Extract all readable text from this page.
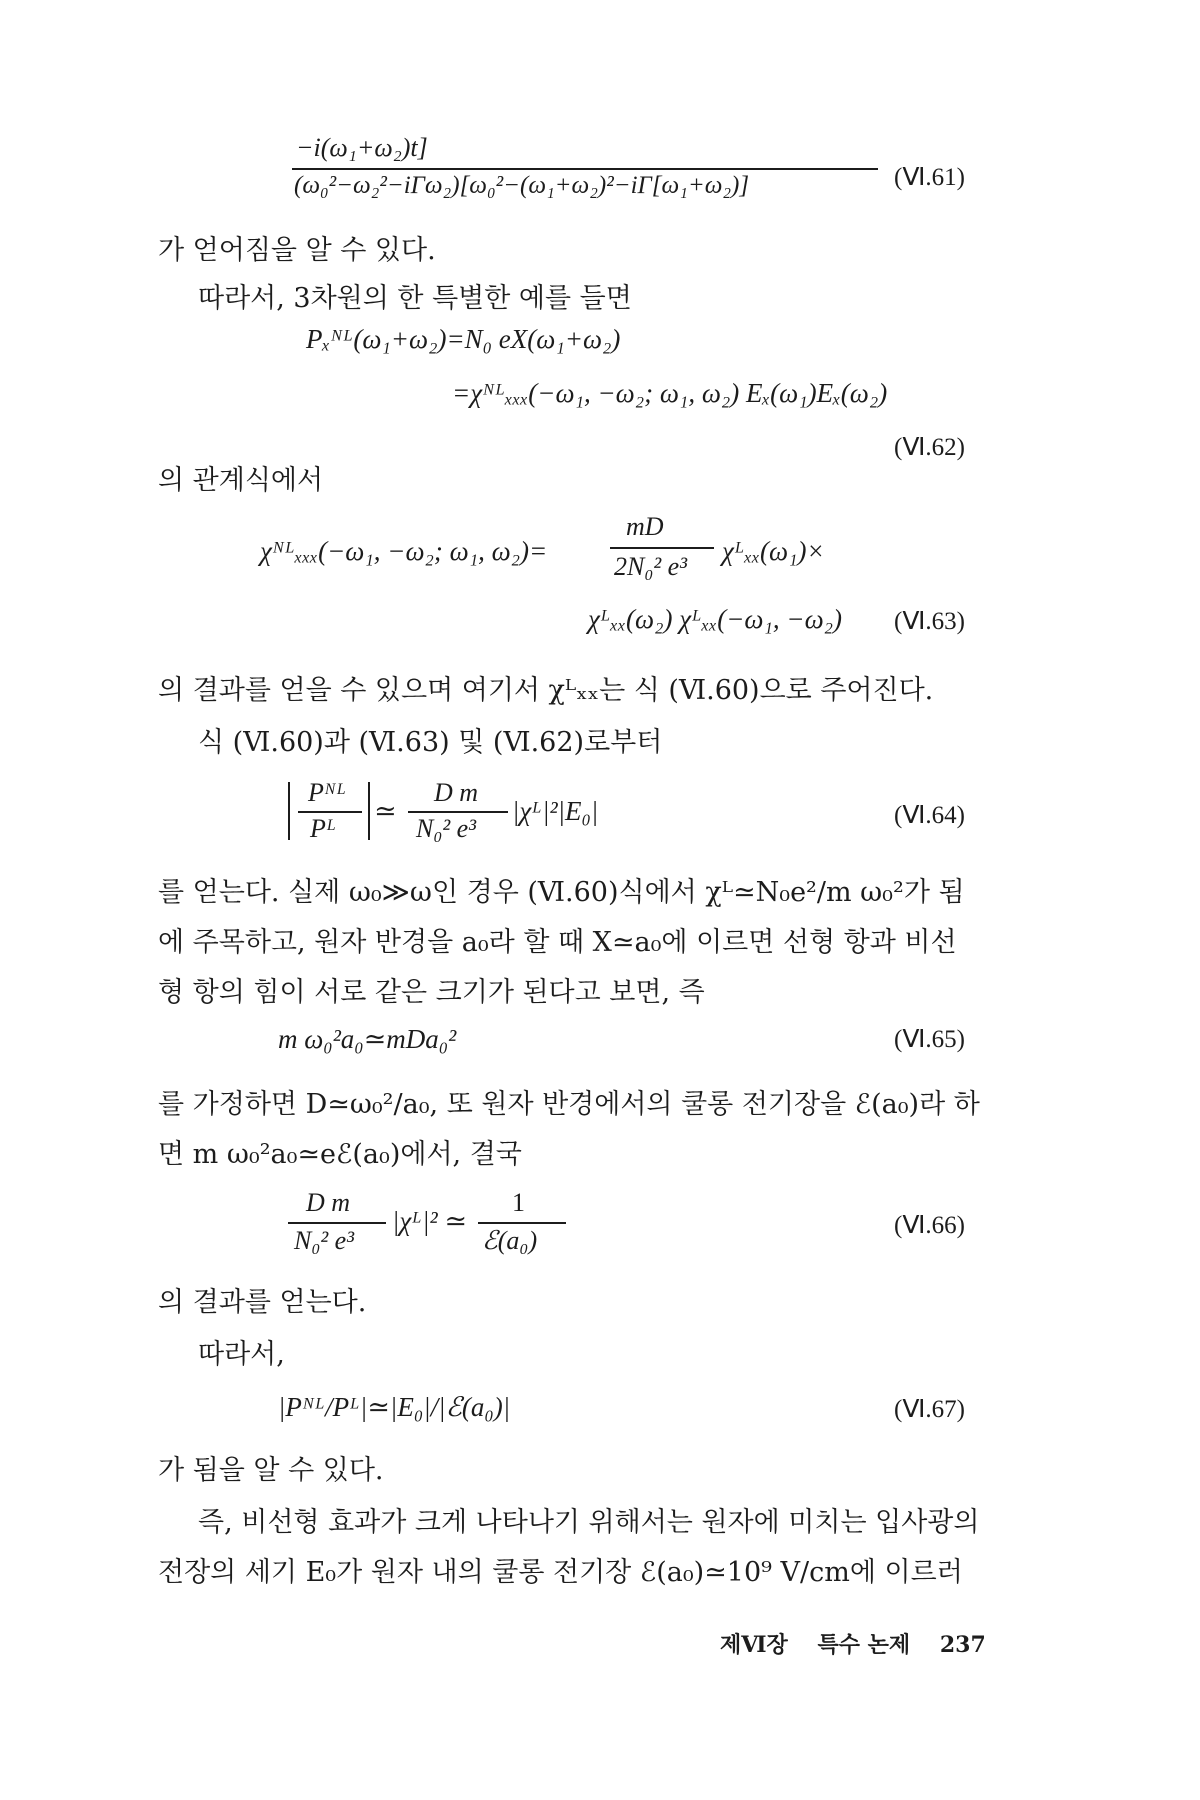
−i(ω₁+ω₂)t]
(ω₀²−ω₂²−iΓω₂)[ω₀²−(ω₁+ω₂)²−iΓ[ω₁+ω₂)]	(Ⅵ.61)
가 얻어짐을 알 수 있다.
따라서, 3차원의 한 특별한 예를 들면
Pₓᴺᴸ(ω₁+ω₂)=N₀ eX(ω₁+ω₂)
=χᴺᴸₓₓₓ(−ω₁, −ω₂; ω₁, ω₂) Eₓ(ω₁)Eₓ(ω₂)
(Ⅵ.62)
의 관계식에서
χᴺᴸₓₓₓ(−ω₁, −ω₂; ω₁, ω₂)=
mD
2N₀² e³
χᴸₓₓ(ω₁)×
χᴸₓₓ(ω₂) χᴸₓₓ(−ω₁, −ω₂) (Ⅵ.63)
의 결과를 얻을 수 있으며 여기서 χᴸₓₓ는 식 (Ⅵ.60)으로 주어진다.
식 (Ⅵ.60)과 (Ⅵ.63) 및 (Ⅵ.62)로부터
Pᴺᴸ
Pᴸ
≃
D m
N₀² e³
|χᴸ|²|E₀|	(Ⅵ.64)
를 얻는다. 실제 ω₀≫ω인 경우 (Ⅵ.60)식에서 χᴸ≃N₀e²/m ω₀²가 됨
에 주목하고, 원자 반경을 a₀라 할 때 X≃a₀에 이르면 선형 항과 비선
형 항의 힘이 서로 같은 크기가 된다고 보면, 즉
m ω₀²a₀≃mDa₀²	(Ⅵ.65)
를 가정하면 D≃ω₀²/a₀, 또 원자 반경에서의 쿨롱 전기장을 ℰ(a₀)라 하
면 m ω₀²a₀≃eℰ(a₀)에서, 결국
D m
N₀² e³
|χᴸ|² ≃
1
ℰ(a₀)
(Ⅵ.66)
의 결과를 얻는다.
따라서,
|Pᴺᴸ/Pᴸ|≃|E₀|/|ℰ(a₀)|	(Ⅵ.67)
가 됨을 알 수 있다.
즉, 비선형 효과가 크게 나타나기 위해서는 원자에 미치는 입사광의
전장의 세기 E₀가 원자 내의 쿨롱 전기장 ℰ(a₀)≃10⁹ V/cm에 이르러
제Ⅵ장 특수 논제 237
